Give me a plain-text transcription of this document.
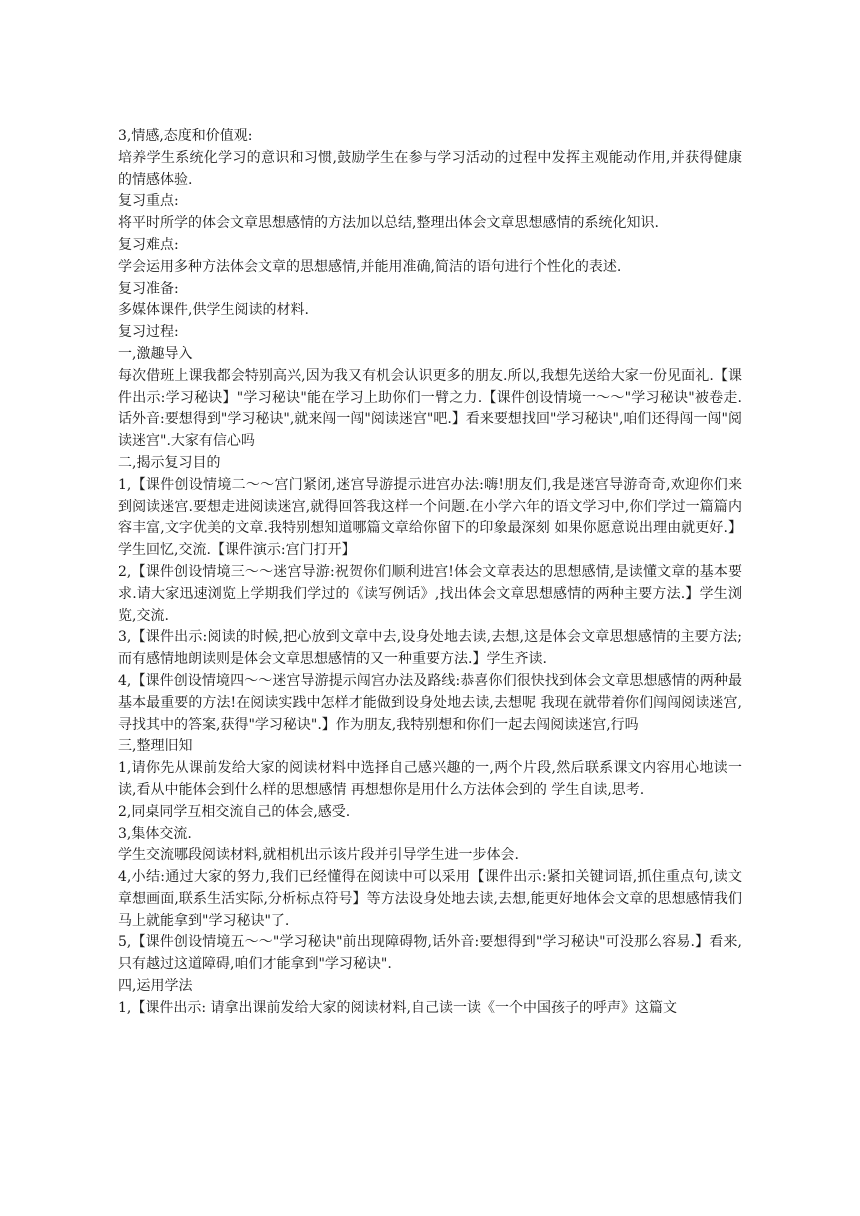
3,情感,态度和价值观:

培养学生系统化学习的意识和习惯,鼓励学生在参与学习活动的过程中发挥主观能动作用,并获得健康的情感体验.

复习重点:

将平时所学的体会文章思想感情的方法加以总结,整理出体会文章思想感情的系统化知识.

复习难点:

学会运用多种方法体会文章的思想感情,并能用准确,简洁的语句进行个性化的表述.

复习准备:

多媒体课件,供学生阅读的材料.

复习过程:

一,激趣导入

每次借班上课我都会特别高兴,因为我又有机会认识更多的朋友.所以,我想先送给大家一份见面礼.【课件出示:学习秘诀】"学习秘诀"能在学习上助你们一臂之力.【课件创设情境一～～"学习秘诀"被卷走.话外音:要想得到"学习秘诀",就来闯一闯"阅读迷宫"吧.】看来要想找回"学习秘诀",咱们还得闯一闯"阅读迷宫".大家有信心吗

二,揭示复习目的

1,【课件创设情境二～～宫门紧闭,迷宫导游提示进宫办法:嗨!朋友们,我是迷宫导游奇奇,欢迎你们来到阅读迷宫.要想走进阅读迷宫,就得回答我这样一个问题.在小学六年的语文学习中,你们学过一篇篇内容丰富,文字优美的文章.我特别想知道哪篇文章给你留下的印象最深刻 如果你愿意说出理由就更好.】学生回忆,交流.【课件演示:宫门打开】

2,【课件创设情境三～～迷宫导游:祝贺你们顺利进宫!体会文章表达的思想感情,是读懂文章的基本要求.请大家迅速浏览上学期我们学过的《读写例话》,找出体会文章思想感情的两种主要方法.】学生浏览,交流.

3,【课件出示:阅读的时候,把心放到文章中去,设身处地去读,去想,这是体会文章思想感情的主要方法;而有感情地朗读则是体会文章思想感情的又一种重要方法.】学生齐读.

4,【课件创设情境四～～迷宫导游提示闯宫办法及路线:恭喜你们很快找到体会文章思想感情的两种最基本最重要的方法!在阅读实践中怎样才能做到设身处地去读,去想呢 我现在就带着你们闯闯阅读迷宫,寻找其中的答案,获得"学习秘诀".】作为朋友,我特别想和你们一起去闯阅读迷宫,行吗

三,整理旧知

1,请你先从课前发给大家的阅读材料中选择自己感兴趣的一,两个片段,然后联系课文内容用心地读一读,看从中能体会到什么样的思想感情 再想想你是用什么方法体会到的 学生自读,思考.

2,同桌同学互相交流自己的体会,感受.

3,集体交流.

学生交流哪段阅读材料,就相机出示该片段并引导学生进一步体会.

4,小结:通过大家的努力,我们已经懂得在阅读中可以采用【课件出示:紧扣关键词语,抓住重点句,读文章想画面,联系生活实际,分析标点符号】等方法设身处地去读,去想,能更好地体会文章的思想感情我们马上就能拿到"学习秘诀"了.

5,【课件创设情境五～～"学习秘诀"前出现障碍物,话外音:要想得到"学习秘诀"可没那么容易.】看来,只有越过这道障碍,咱们才能拿到"学习秘诀".

四,运用学法

1,【课件出示: 请拿出课前发给大家的阅读材料,自己读一读《一个中国孩子的呼声》这篇文
